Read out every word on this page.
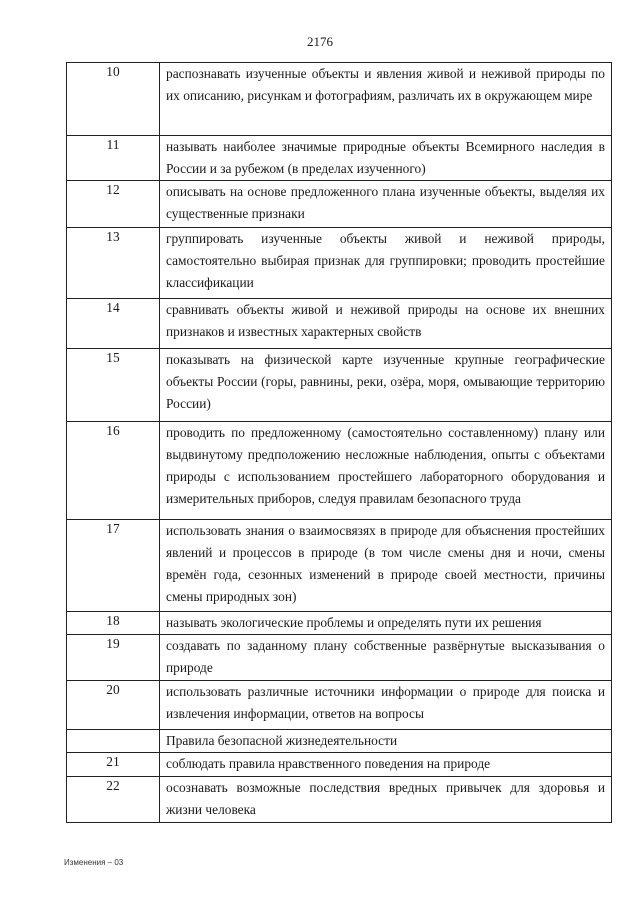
2176
10	распознавать изученные объекты и явления живой и неживой природы по их описанию, рисункам и фотографиям, различать их в окружающем мире
11	называть наиболее значимые природные объекты Всемирного наследия в России и за рубежом (в пределах изученного)
12	описывать на основе предложенного плана изученные объекты, выделяя их существенные признаки
13	группировать изученные объекты живой и неживой природы, самостоятельно выбирая признак для группировки; проводить простейшие классификации
14	сравнивать объекты живой и неживой природы на основе их внешних признаков и известных характерных свойств
15	показывать на физической карте изученные крупные географические объекты России (горы, равнины, реки, озёра, моря, омывающие территорию России)
16	проводить по предложенному (самостоятельно составленному) плану или выдвинутому предположению несложные наблюдения, опыты с объектами природы с использованием простейшего лабораторного оборудования и измерительных приборов, следуя правилам безопасного труда
17	использовать знания о взаимосвязях в природе для объяснения простейших явлений и процессов в природе (в том числе смены дня и ночи, смены времён года, сезонных изменений в природе своей местности, причины смены природных зон)
18	называть экологические проблемы и определять пути их решения
19	создавать по заданному плану собственные развёрнутые высказывания о природе
20	использовать различные источники информации о природе для поиска и извлечения информации, ответов на вопросы
	Правила безопасной жизнедеятельности
21	соблюдать правила нравственного поведения на природе
22	осознавать возможные последствия вредных привычек для здоровья и жизни человека
Изменения – 03
